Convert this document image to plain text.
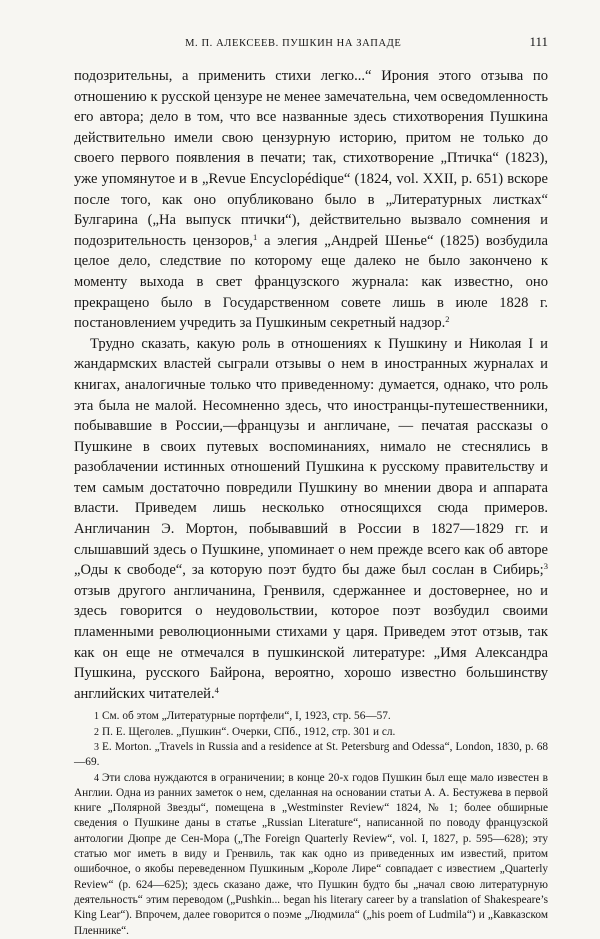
М. П. АЛЕКСЕЕВ. ПУШКИН НА ЗАПАДЕ	111

подозрительны, а применить стихи легко...“ Ирония этого отзыва по отношению к русской цензуре не менее замечательна, чем осведомленность его автора; дело в том, что все названные здесь стихотворения Пушкина действительно имели свою цензурную историю, притом не только до своего первого появления в печати; так, стихотворение „Птичка“ (1823), уже упомянутое и в „Revue Encyclopédique“ (1824, vol. XXII, p. 651) вскоре после того, как оно опубликовано было в „Литературных листках“ Булгарина („На выпуск птички“), действительно вызвало сомнения и подозрительность цензоров,$^1$ а элегия „Андрей Шенье“ (1825) возбудила целое дело, следствие по которому еще далеко не было закончено к моменту выхода в свет французского журнала: как известно, оно прекращено было в Государственном совете лишь в июле 1828 г. постановлением учредить за Пушкиным секретный надзор.$^2$

Трудно сказать, какую роль в отношениях к Пушкину и Николая I и жандармских властей сыграли отзывы о нем в иностранных журналах и книгах, аналогичные только что приведенному: думается, однако, что роль эта была не малой. Несомненно здесь, что иностранцы-путешественники, побывавшие в России,—французы и англичане, — печатая рассказы о Пушкине в своих путевых воспоминаниях, нимало не стеснялись в разоблачении истинных отношений Пушкина к русскому правительству и тем самым достаточно повредили Пушкину во мнении двора и аппарата власти. Приведем лишь несколько относящихся сюда примеров. Англичанин Э. Мортон, побывавший в России в 1827—1829 гг. и слышавший здесь о Пушкине, упоминает о нем прежде всего как об авторе „Оды к свободе“, за которую поэт будто бы даже был сослан в Сибирь;$^3$ отзыв другого англичанина, Гренвиля, сдержаннее и достовернее, но и здесь говорится о неудовольствии, которое поэт возбудил своими пламенными революционными стихами у царя. Приведем этот отзыв, так как он еще не отмечался в пушкинской литературе: „Имя Александра Пушкина, русского Байрона, вероятно, хорошо известно большинству английских читателей.$^4$

1 См. об этом „Литературные портфели“, I, 1923, стр. 56—57.

2 П. Е. Щеголев. „Пушкин“. Очерки, СПб., 1912, стр. 301 и сл.

3 E. Morton. „Travels in Russia and a residence at St. Petersburg and Odessa“, London, 1830, p. 68—69.

4 Эти слова нуждаются в ограничении; в конце 20-х годов Пушкин был еще мало известен в Англии. Одна из ранних заметок о нем, сделанная на основании статьи А. А. Бестужева в первой книге „Полярной Звезды“, помещена в „Westminster Review“ 1824, № 1; более обширные сведения о Пушкине даны в статье „Russian Literature“, написанной по поводу французской антологии Дюпре де Сен-Мора („The Foreign Quarterly Review“, vol. I, 1827, p. 595—628); эту статью мог иметь в виду и Гренвиль, так как одно из приведенных им известий, притом ошибочное, о якобы переведенном Пушкиным „Короле Лире“ совпадает с известием „Quarterly Review“ (p. 624—625); здесь сказано даже, что Пушкин будто бы „начал свою литературную деятельность“ этим переводом („Pushkin... began his literary career by a translation of Shakespeare’s King Lear“). Впрочем, далее говорится о поэме „Людмила“ („his poem of Ludmila“) и „Кавказском Пленнике“.
